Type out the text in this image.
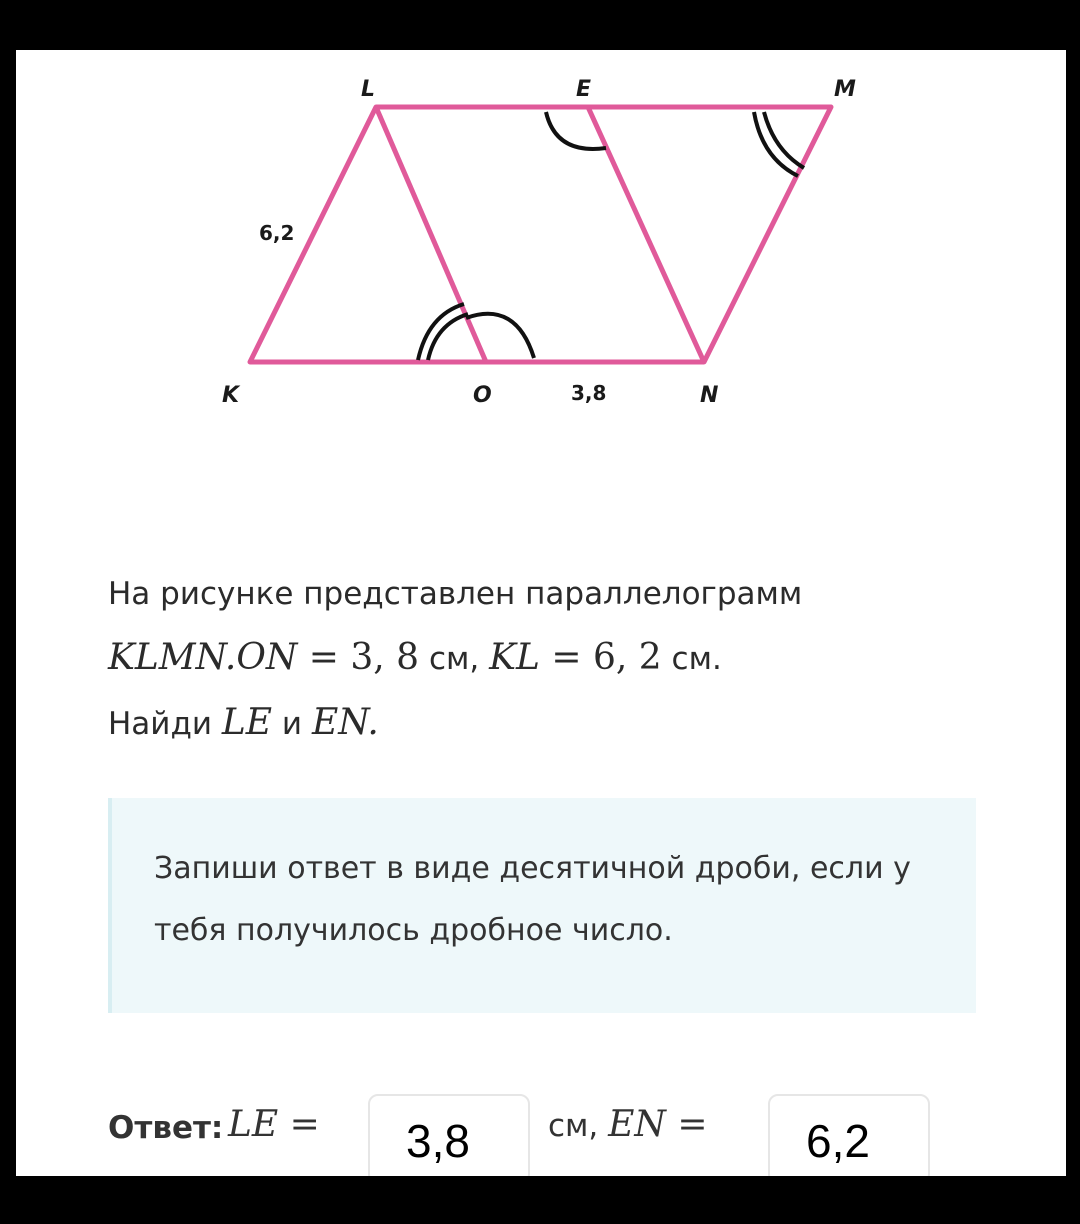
L	E	M
K	O	N
6,2
3,8
На рисунке представлен параллелограмм
KLMN.ON = 3, 8 см, KL = 6, 2 см.
Найди LE и EN.
Запиши ответ в виде десятичной дроби, если у тебя получилось дробное число.
Ответ: LE =	3,8	см, EN =	6,2
